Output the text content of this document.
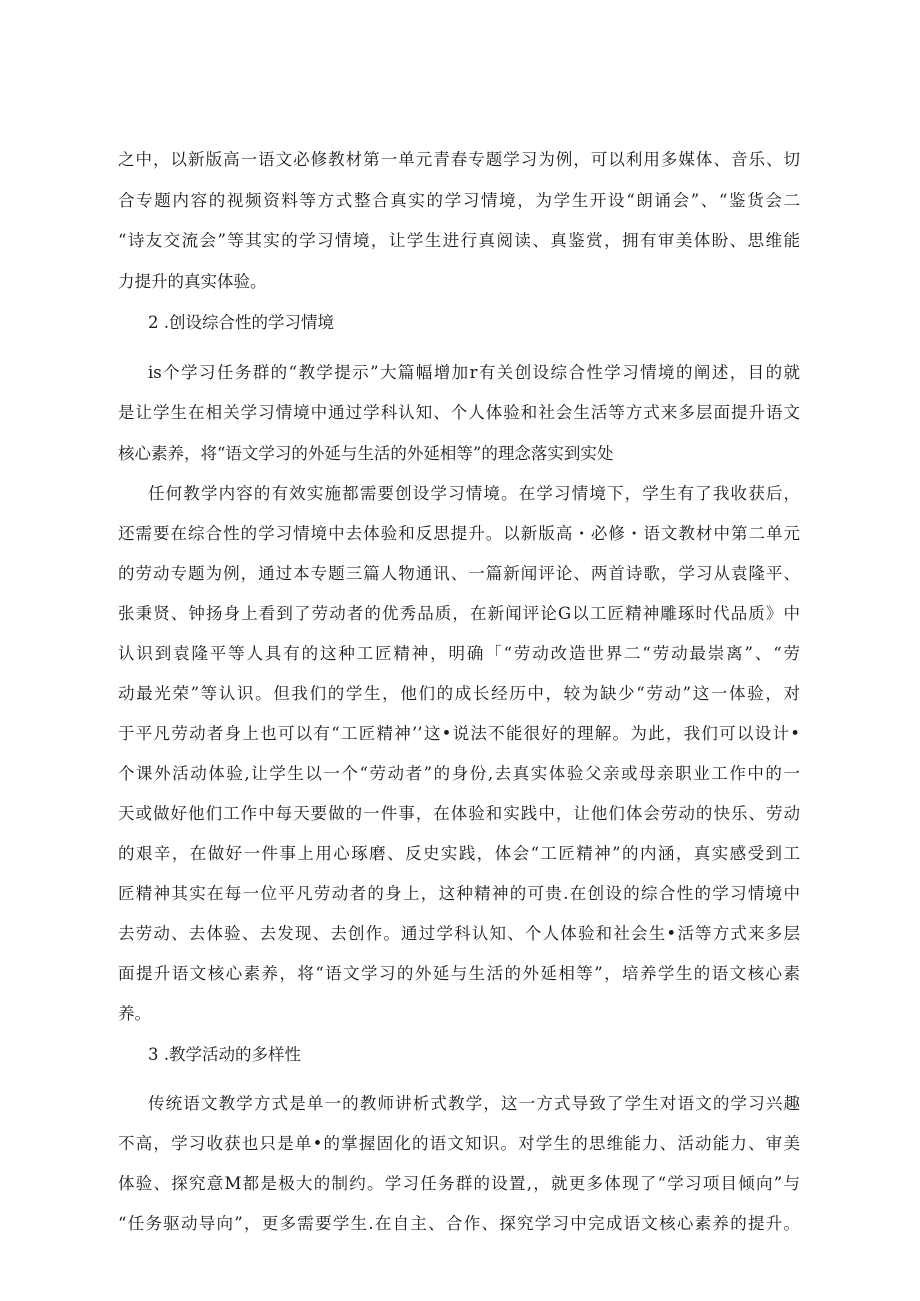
之中，以新版高一语文必修教材第一单元青春专题学习为例，可以利用多媒体、音乐、切
合专题内容的视频资料等方式整合真实的学习情境，为学生开设“朗诵会”、“鉴货会二
“诗友交流会”等其实的学习情境，让学生进行真阅读、真鉴赏，拥有审美体盼、思维能
力提升的真实体验。
2 .创设综合性的学习情境
is个学习任务群的“教学提示”大篇幅增加r有关创设综合性学习情境的阐述，目的就
是让学生在相关学习情境中通过学科认知、个人体验和社会生活等方式来多层面提升语文
核心素养，将“语文学习的外延与生活的外延相等”的理念落实到实处
任何教学内容的有效实施都需要创设学习情境。在学习情境下，学生有了我收获后，
还需要在综合性的学习情境中去体验和反思提升。以新版高・必修・语文教材中第二单元
的劳动专题为例，通过本专题三篇人物通讯、一篇新闻评论、两首诗歌，学习从袁隆平、
张秉贤、钟扬身上看到了劳动者的优秀品质，在新闻评论G以工匠精神雕琢时代品质》中
认识到袁隆平等人具有的这种工匠精神，明确「“劳动改造世界二“劳动最崇离”、“劳
动最光荣”等认识。但我们的学生，他们的成长经历中，较为缺少“劳动”这一体验，对
于平凡劳动者身上也可以有“工匠精神’’这•说法不能很好的理解。为此，我们可以设计•
个课外活动体验,让学生以一个“劳动者”的身份,去真实体验父亲或母亲职业工作中的一
天或做好他们工作中每天要做的一件事，在体验和实践中，让他们体会劳动的快乐、劳动
的艰辛，在做好一件事上用心琢磨、反史实践，体会“工匠精神”的内涵，真实感受到工
匠精神其实在每一位平凡劳动者的身上，这种精神的可贵.在创设的综合性的学习情境中
去劳动、去体验、去发现、去创作。通过学科认知、个人体验和社会生•活等方式来多层
面提升语文核心素养，将“语文学习的外延与生活的外延相等”，培养学生的语文核心素
养。
3 .教学活动的多样性
传统语文教学方式是单一的教师讲析式教学，这一方式导致了学生对语文的学习兴趣
不高，学习收获也只是单•的掌握固化的语文知识。对学生的思维能力、活动能力、审美
体验、探究意M都是极大的制约。学习任务群的设置,，就更多体现了“学习项目倾向”与
“任务驱动导向”，更多需要学生.在自主、合作、探究学习中完成语文核心素养的提升。
